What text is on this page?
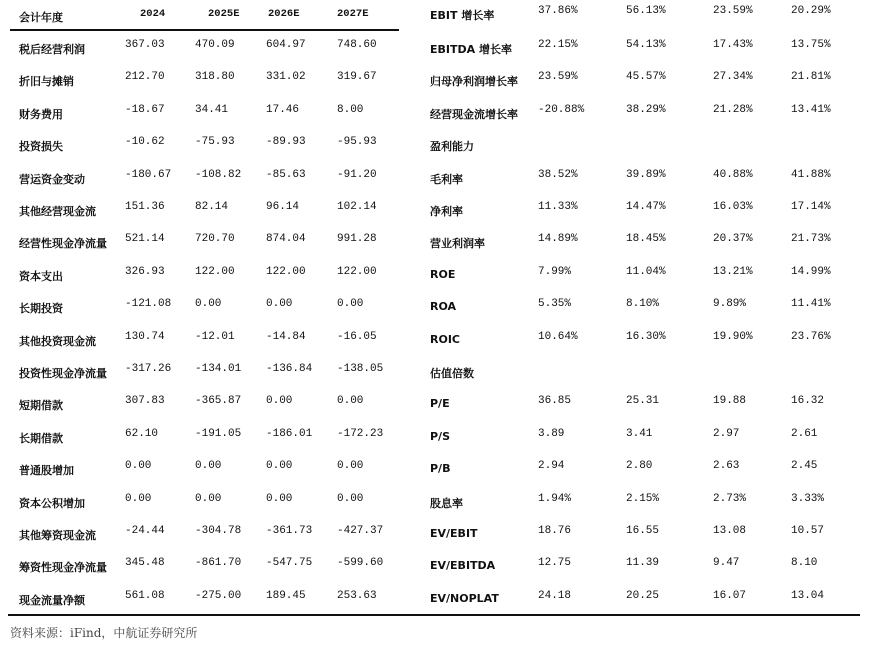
会计年度	2024	2025E	2026E	2027E
税后经营利润	367.03	470.09	604.97	748.60
折旧与摊销	212.70	318.80	331.02	319.67
财务费用	-18.67	34.41	17.46	8.00
投资损失	-10.62	-75.93	-89.93	-95.93
营运资金变动	-180.67 -108.82 -85.63	-91.20
其他经营现金流	151.36	82.14	96.14	102.14
经营性现金净流量 521.14	720.70	874.04	991.28
资本支出	326.93	122.00	122.00	122.00
长期投资	-121.08 0.00	0.00	0.00
其他投资现金流	130.74	-12.01	-14.84	-16.05
投资性现金净流量 -317.26 -134.01 -136.84 -138.05
短期借款	307.83	-365.87 0.00	0.00
长期借款	62.10	-191.05 -186.01 -172.23
普通股增加	0.00	0.00	0.00	0.00
资本公积增加	0.00	0.00	0.00	0.00
其他筹资现金流	-24.44	-304.78 -361.73 -427.37
筹资性现金净流量 345.48	-861.70 -547.75 -599.60
现金流量净额	561.08	-275.00 189.45	253.63
EBIT 增长率	37.86%	56.13%	23.59%	20.29%
EBITDA 增长率 22.15%	54.13%	17.43%	13.75%
归母净利润增长率 23.59%	45.57%	27.34%	21.81%
经营现金流增长率 -20.88%	38.29%	21.28%	13.41%
盈利能力
毛利率	38.52%	39.89%	40.88%	41.88%
净利率	11.33%	14.47%	16.03%	17.14%
营业利润率	14.89%	18.45%	20.37%	21.73%
ROE	7.99%	11.04%	13.21%	14.99%
ROA	5.35%	8.10%	9.89%	11.41%
ROIC	10.64%	16.30%	19.90%	23.76%
估值倍数
P/E	36.85	25.31	19.88	16.32
P/S	3.89	3.41	2.97	2.61
P/B	2.94	2.80	2.63	2.45
股息率	1.94%	2.15%	2.73%	3.33%
EV/EBIT	18.76	16.55	13.08	10.57
EV/EBITDA	12.75	11.39	9.47	8.10
EV/NOPLAT	24.18	20.25	16.07	13.04
资料来源：iFind，中航证券研究所
